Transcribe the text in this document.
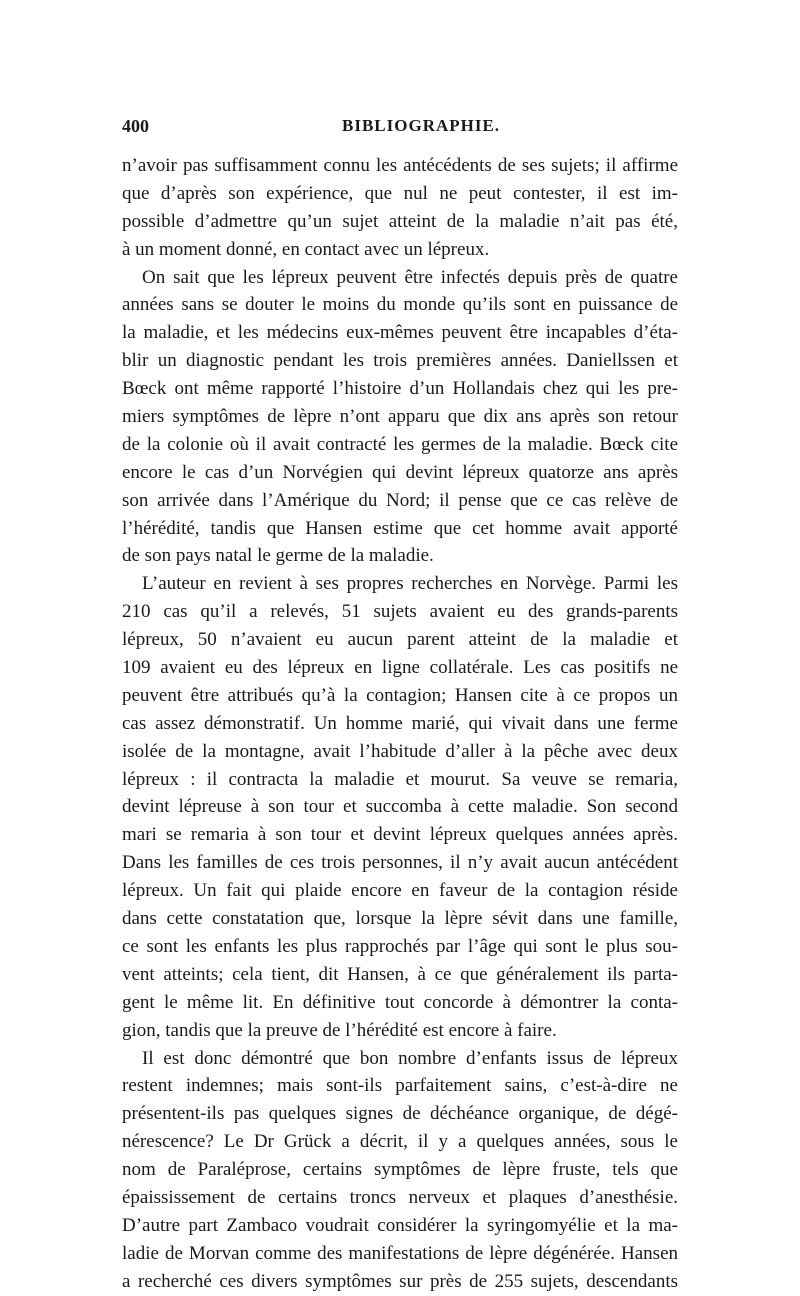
400	BIBLIOGRAPHIE.
n’avoir pas suffisamment connu les antécédents de ses sujets; il affirme
que d’après son expérience, que nul ne peut contester, il est im-
possible d’admettre qu’un sujet atteint de la maladie n’ait pas été,
à un moment donné, en contact avec un lépreux.
On sait que les lépreux peuvent être infectés depuis près de quatre
années sans se douter le moins du monde qu’ils sont en puissance de
la maladie, et les médecins eux-mêmes peuvent être incapables d’éta-
blir un diagnostic pendant les trois premières années. Daniellssen et
Bœck ont même rapporté l’histoire d’un Hollandais chez qui les pre-
miers symptômes de lèpre n’ont apparu que dix ans après son retour
de la colonie où il avait contracté les germes de la maladie. Bœck cite
encore le cas d’un Norvégien qui devint lépreux quatorze ans après
son arrivée dans l’Amérique du Nord; il pense que ce cas relève de
l’hérédité, tandis que Hansen estime que cet homme avait apporté
de son pays natal le germe de la maladie.
L’auteur en revient à ses propres recherches en Norvège. Parmi les
210 cas qu’il a relevés, 51 sujets avaient eu des grands-parents
lépreux, 50 n’avaient eu aucun parent atteint de la maladie et
109 avaient eu des lépreux en ligne collatérale. Les cas positifs ne
peuvent être attribués qu’à la contagion; Hansen cite à ce propos un
cas assez démonstratif. Un homme marié, qui vivait dans une ferme
isolée de la montagne, avait l’habitude d’aller à la pêche avec deux
lépreux : il contracta la maladie et mourut. Sa veuve se remaria,
devint lépreuse à son tour et succomba à cette maladie. Son second
mari se remaria à son tour et devint lépreux quelques années après.
Dans les familles de ces trois personnes, il n’y avait aucun antécédent
lépreux. Un fait qui plaide encore en faveur de la contagion réside
dans cette constatation que, lorsque la lèpre sévit dans une famille,
ce sont les enfants les plus rapprochés par l’âge qui sont le plus sou-
vent atteints; cela tient, dit Hansen, à ce que généralement ils parta-
gent le même lit. En définitive tout concorde à démontrer la conta-
gion, tandis que la preuve de l’hérédité est encore à faire.
Il est donc démontré que bon nombre d’enfants issus de lépreux
restent indemnes; mais sont-ils parfaitement sains, c’est-à-dire ne
présentent-ils pas quelques signes de déchéance organique, de dégé-
nérescence? Le Dr Grück a décrit, il y a quelques années, sous le
nom de Paraléprose, certains symptômes de lèpre fruste, tels que
épaississement de certains troncs nerveux et plaques d’anesthésie.
D’autre part Zambaco voudrait considérer la syringomyélie et la ma-
ladie de Morvan comme des manifestations de lèpre dégénérée. Hansen
a recherché ces divers symptômes sur près de 255 sujets, descendants
